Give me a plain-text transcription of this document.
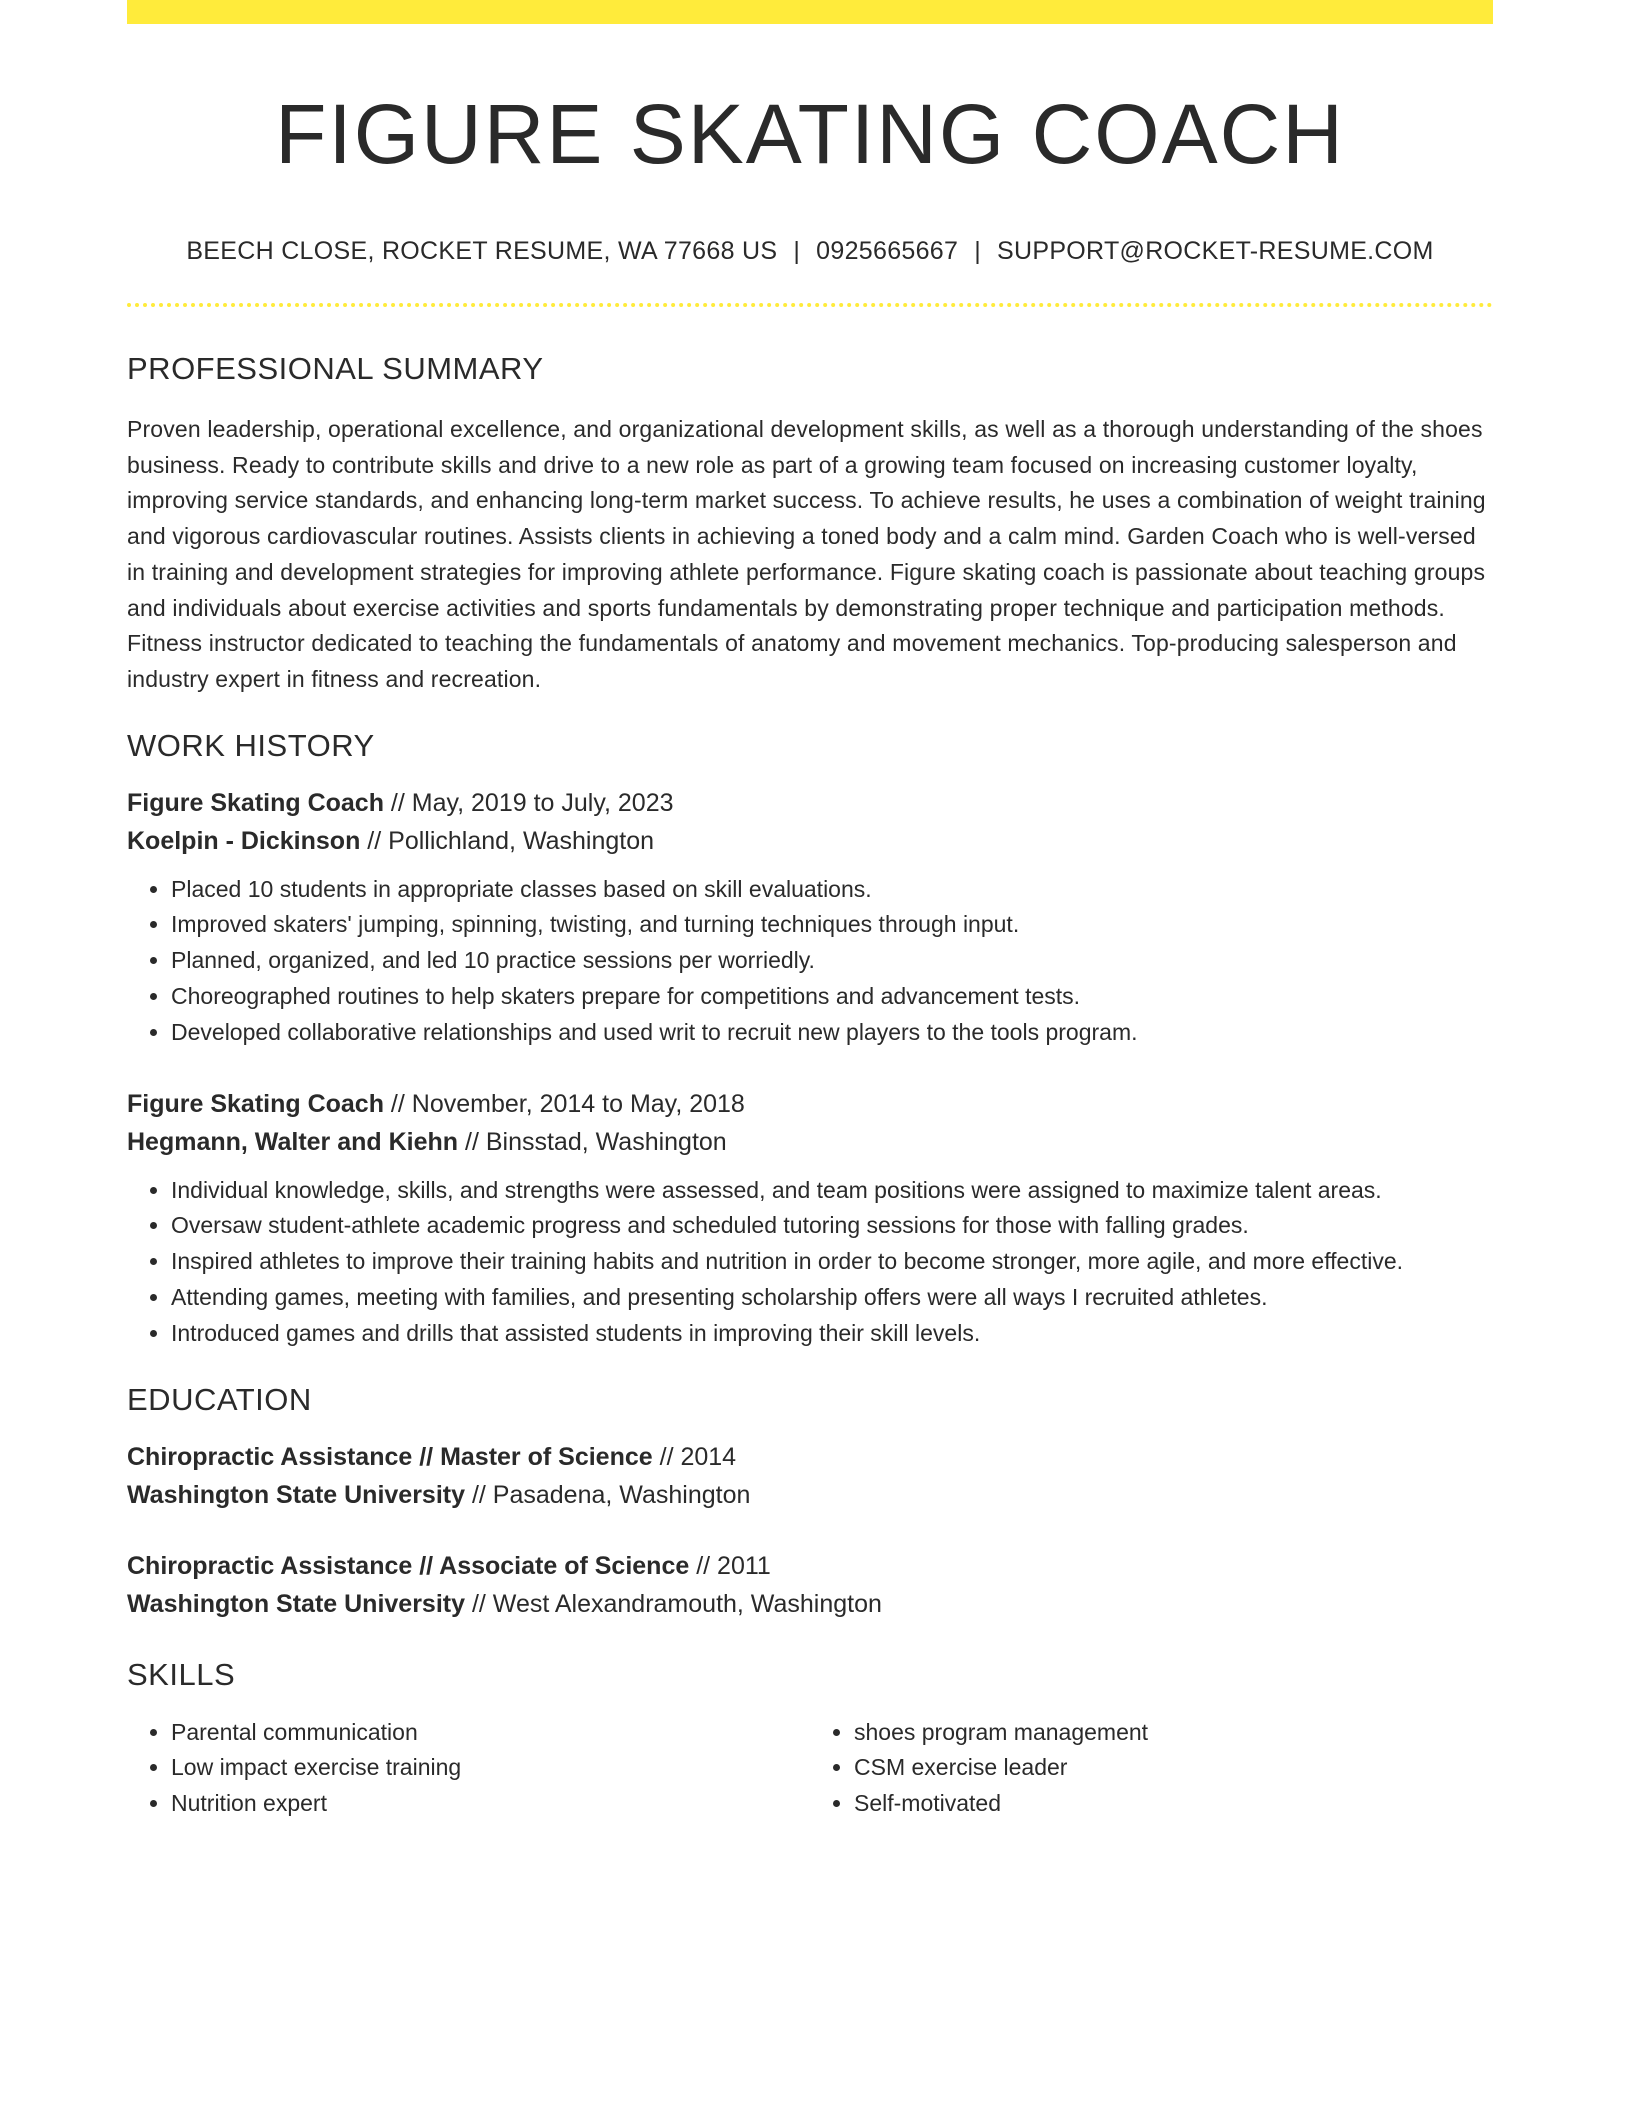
FIGURE SKATING COACH
BEECH CLOSE, ROCKET RESUME, WA 77668 US | 0925665667 | SUPPORT@ROCKET-RESUME.COM
PROFESSIONAL SUMMARY

Proven leadership, operational excellence, and organizational development skills, as well as a thorough understanding of the shoes business. Ready to contribute skills and drive to a new role as part of a growing team focused on increasing customer loyalty, improving service standards, and enhancing long-term market success. To achieve results, he uses a combination of weight training and vigorous cardiovascular routines. Assists clients in achieving a toned body and a calm mind. Garden Coach who is well-versed in training and development strategies for improving athlete performance. Figure skating coach is passionate about teaching groups and individuals about exercise activities and sports fundamentals by demonstrating proper technique and participation methods. Fitness instructor dedicated to teaching the fundamentals of anatomy and movement mechanics. Top-producing salesperson and industry expert in fitness and recreation.

WORK HISTORY
Figure Skating Coach // May, 2019 to July, 2023
Koelpin - Dickinson // Pollichland, Washington
• Placed 10 students in appropriate classes based on skill evaluations.
• Improved skaters' jumping, spinning, twisting, and turning techniques through input.
• Planned, organized, and led 10 practice sessions per worriedly.
• Choreographed routines to help skaters prepare for competitions and advancement tests.
• Developed collaborative relationships and used writ to recruit new players to the tools program.
Figure Skating Coach // November, 2014 to May, 2018
Hegmann, Walter and Kiehn // Binsstad, Washington
• Individual knowledge, skills, and strengths were assessed, and team positions were assigned to maximize talent areas.
• Oversaw student-athlete academic progress and scheduled tutoring sessions for those with falling grades.
• Inspired athletes to improve their training habits and nutrition in order to become stronger, more agile, and more effective.
• Attending games, meeting with families, and presenting scholarship offers were all ways I recruited athletes.
• Introduced games and drills that assisted students in improving their skill levels.
EDUCATION
Chiropractic Assistance // Master of Science // 2014
Washington State University // Pasadena, Washington
Chiropractic Assistance // Associate of Science // 2011
Washington State University // West Alexandramouth, Washington
SKILLS
• Parental communication
• Low impact exercise training
• Nutrition expert
• shoes program management
• CSM exercise leader
• Self-motivated
